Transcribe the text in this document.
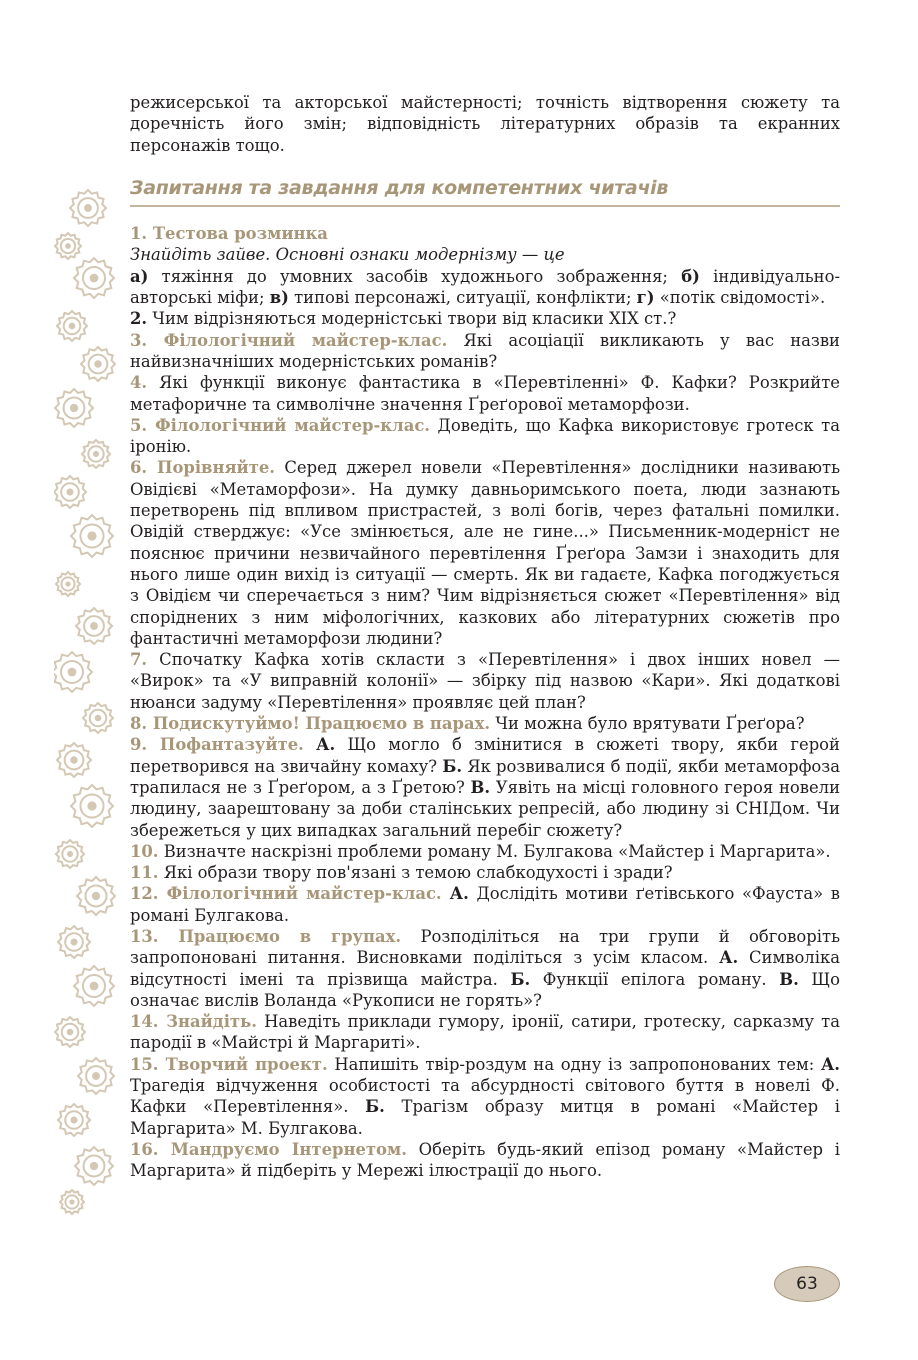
режисерської та акторської майстерності; точність відтворення сюжету та доречність його змін; відповідність літературних образів та екранних персонажів тощо.

Запитання та завдання для компетентних читачів

1. Тестова розминка

Знайдіть зайве. Основні ознаки модернізму — це

а) тяжіння до умовних засобів художнього зображення; б) індивідуально-авторські міфи; в) типові персонажі, ситуації, конфлікти; г) «потік свідомості».

2. Чим відрізняються модерністські твори від класики XIX ст.?

3. Філологічний майстер-клас. Які асоціації викликають у вас назви найвизначніших модерністських романів?

4. Які функції виконує фантастика в «Перевтіленні» Ф. Кафки? Розкрийте метафоричне та символічне значення Ґреґорової метаморфози.

5. Філологічний майстер-клас. Доведіть, що Кафка використовує гротеск та іронію.

6. Порівняйте. Серед джерел новели «Перевтілення» дослідники називають Овідієві «Метаморфози». На думку давньоримського поета, люди зазнають перетворень під впливом пристрастей, з волі богів, через фатальні помилки. Овідій стверджує: «Усе змінюється, але не гине...» Письменник-модерніст не пояснює причини незвичайного перевтілення Ґреґора Замзи і знаходить для нього лише один вихід із ситуації — смерть. Як ви гадаєте, Кафка погоджується з Овідієм чи сперечається з ним? Чим відрізняється сюжет «Перевтілення» від споріднених з ним міфологічних, казкових або літературних сюжетів про фантастичні метаморфози людини?

7. Спочатку Кафка хотів скласти з «Перевтілення» і двох інших новел — «Вирок» та «У виправній колонії» — збірку під назвою «Кари». Які додаткові нюанси задуму «Перевтілення» проявляє цей план?

8. Подискутуймо! Працюємо в парах. Чи можна було врятувати Ґреґора?

9. Пофантазуйте. А. Що могло б змінитися в сюжеті твору, якби герой перетворився на звичайну комаху? Б. Як розвивалися б події, якби метаморфоза трапилася не з Ґреґором, а з Ґретою? В. Уявіть на місці головного героя новели людину, заарештовану за доби сталінських репресій, або людину зі СНІДом. Чи збережеться у цих випадках загальний перебіг сюжету?

10. Визначте наскрізні проблеми роману М. Булгакова «Майстер і Маргарита».

11. Які образи твору пов'язані з темою слабкодухості і зради?

12. Філологічний майстер-клас. А. Дослідіть мотиви ґетівського «Фауста» в романі Булгакова.

13. Працюємо в групах. Розподіліться на три групи й обговоріть запропоновані питання. Висновками поділіться з усім класом. А. Символіка відсутності імені та прізвища майстра. Б. Функції епілога роману. В. Що означає вислів Воланда «Рукописи не горять»?

14. Знайдіть. Наведіть приклади гумору, іронії, сатири, гротеску, сарказму та пародії в «Майстрі й Маргариті».

15. Творчий проект. Напишіть твір-роздум на одну із запропонованих тем: А. Трагедія відчуження особистості та абсурдності світового буття в новелі Ф. Кафки «Перевтілення». Б. Трагізм образу митця в романі «Майстер і Маргарита» М. Булгакова.

16. Мандруємо Інтернетом. Оберіть будь-який епізод роману «Майстер і Маргарита» й підберіть у Мережі ілюстрації до нього.

63
